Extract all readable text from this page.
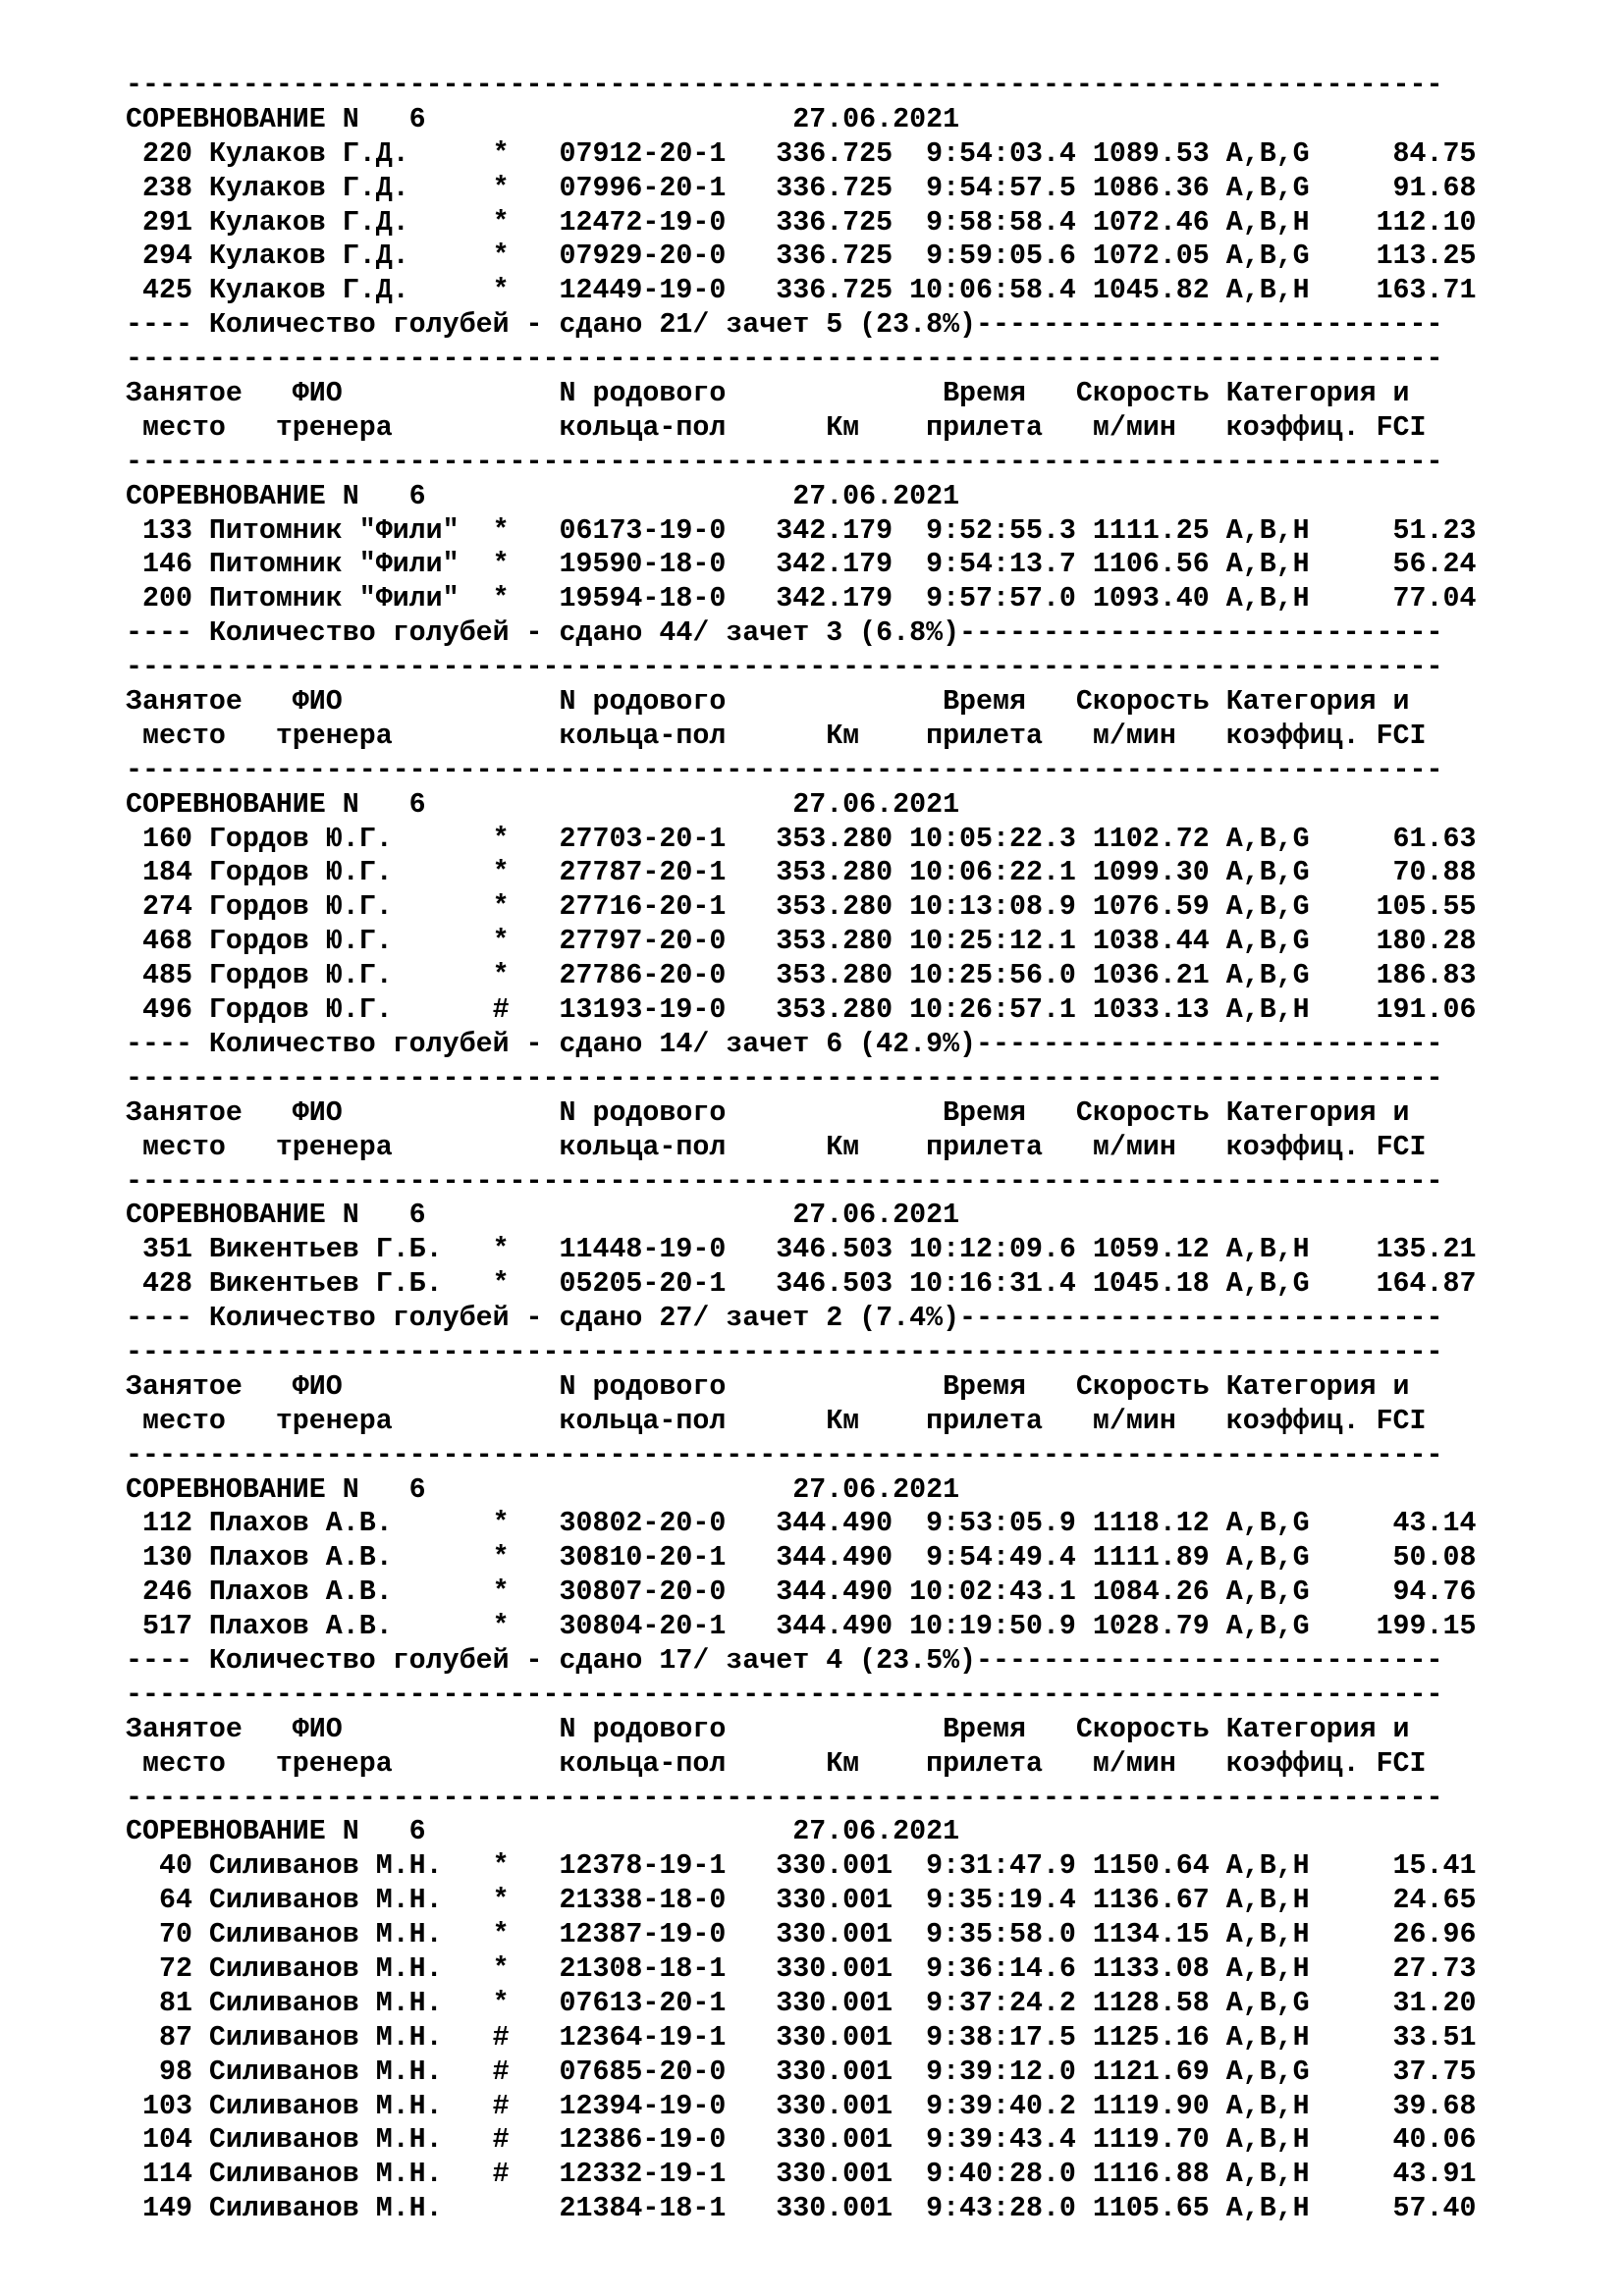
-------------------------------------------------------------------------------
СОРЕВНОВАНИЕ N   6                      27.06.2021
220 Кулаков Г.Д.     *   07912-20-1   336.725  9:54:03.4 1089.53 A,B,G     84.75
238 Кулаков Г.Д.     *   07996-20-1   336.725  9:54:57.5 1086.36 A,B,G     91.68
291 Кулаков Г.Д.     *   12472-19-0   336.725  9:58:58.4 1072.46 A,B,H    112.10
294 Кулаков Г.Д.     *   07929-20-0   336.725  9:59:05.6 1072.05 A,B,G    113.25
425 Кулаков Г.Д.     *   12449-19-0   336.725 10:06:58.4 1045.82 A,B,H    163.71
---- Количество голубей - сдано 21/ зачет 5 (23.8%)----------------------------
-------------------------------------------------------------------------------
Занятое   ФИО             N родового             Время   Скорость Категория и
место   тренера          кольца-пол      Км    прилета   м/мин   коэффиц. FCI
-------------------------------------------------------------------------------
СОРЕВНОВАНИЕ N   6                      27.06.2021
133 Питомник "Фили"  *   06173-19-0   342.179  9:52:55.3 1111.25 A,B,H     51.23
146 Питомник "Фили"  *   19590-18-0   342.179  9:54:13.7 1106.56 A,B,H     56.24
200 Питомник "Фили"  *   19594-18-0   342.179  9:57:57.0 1093.40 A,B,H     77.04
---- Количество голубей - сдано 44/ зачет 3 (6.8%)-----------------------------
-------------------------------------------------------------------------------
Занятое   ФИО             N родового             Время   Скорость Категория и
место   тренера          кольца-пол      Км    прилета   м/мин   коэффиц. FCI
-------------------------------------------------------------------------------
СОРЕВНОВАНИЕ N   6                      27.06.2021
160 Гордов Ю.Г.      *   27703-20-1   353.280 10:05:22.3 1102.72 A,B,G     61.63
184 Гордов Ю.Г.      *   27787-20-1   353.280 10:06:22.1 1099.30 A,B,G     70.88
274 Гордов Ю.Г.      *   27716-20-1   353.280 10:13:08.9 1076.59 A,B,G    105.55
468 Гордов Ю.Г.      *   27797-20-0   353.280 10:25:12.1 1038.44 A,B,G    180.28
485 Гордов Ю.Г.      *   27786-20-0   353.280 10:25:56.0 1036.21 A,B,G    186.83
496 Гордов Ю.Г.      #   13193-19-0   353.280 10:26:57.1 1033.13 A,B,H    191.06
---- Количество голубей - сдано 14/ зачет 6 (42.9%)----------------------------
-------------------------------------------------------------------------------
Занятое   ФИО             N родового             Время   Скорость Категория и
место   тренера          кольца-пол      Км    прилета   м/мин   коэффиц. FCI
-------------------------------------------------------------------------------
СОРЕВНОВАНИЕ N   6                      27.06.2021
351 Викентьев Г.Б.   *   11448-19-0   346.503 10:12:09.6 1059.12 A,B,H    135.21
428 Викентьев Г.Б.   *   05205-20-1   346.503 10:16:31.4 1045.18 A,B,G    164.87
---- Количество голубей - сдано 27/ зачет 2 (7.4%)-----------------------------
-------------------------------------------------------------------------------
Занятое   ФИО             N родового             Время   Скорость Категория и
место   тренера          кольца-пол      Км    прилета   м/мин   коэффиц. FCI
-------------------------------------------------------------------------------
СОРЕВНОВАНИЕ N   6                      27.06.2021
112 Плахов А.В.      *   30802-20-0   344.490  9:53:05.9 1118.12 A,B,G     43.14
130 Плахов А.В.      *   30810-20-1   344.490  9:54:49.4 1111.89 A,B,G     50.08
246 Плахов А.В.      *   30807-20-0   344.490 10:02:43.1 1084.26 A,B,G     94.76
517 Плахов А.В.      *   30804-20-1   344.490 10:19:50.9 1028.79 A,B,G    199.15
---- Количество голубей - сдано 17/ зачет 4 (23.5%)----------------------------
-------------------------------------------------------------------------------
Занятое   ФИО             N родового             Время   Скорость Категория и
место   тренера          кольца-пол      Км    прилета   м/мин   коэффиц. FCI
-------------------------------------------------------------------------------
СОРЕВНОВАНИЕ N   6                      27.06.2021
40 Силиванов М.Н.   *   12378-19-1   330.001  9:31:47.9 1150.64 A,B,H     15.41
64 Силиванов М.Н.   *   21338-18-0   330.001  9:35:19.4 1136.67 A,B,H     24.65
70 Силиванов М.Н.   *   12387-19-0   330.001  9:35:58.0 1134.15 A,B,H     26.96
72 Силиванов М.Н.   *   21308-18-1   330.001  9:36:14.6 1133.08 A,B,H     27.73
81 Силиванов М.Н.   *   07613-20-1   330.001  9:37:24.2 1128.58 A,B,G     31.20
87 Силиванов М.Н.   #   12364-19-1   330.001  9:38:17.5 1125.16 A,B,H     33.51
98 Силиванов М.Н.   #   07685-20-0   330.001  9:39:12.0 1121.69 A,B,G     37.75
103 Силиванов М.Н.   #   12394-19-0   330.001  9:39:40.2 1119.90 A,B,H     39.68
104 Силиванов М.Н.   #   12386-19-0   330.001  9:39:43.4 1119.70 A,B,H     40.06
114 Силиванов М.Н.   #   12332-19-1   330.001  9:40:28.0 1116.88 A,B,H     43.91
149 Силиванов М.Н.       21384-18-1   330.001  9:43:28.0 1105.65 A,B,H     57.40
